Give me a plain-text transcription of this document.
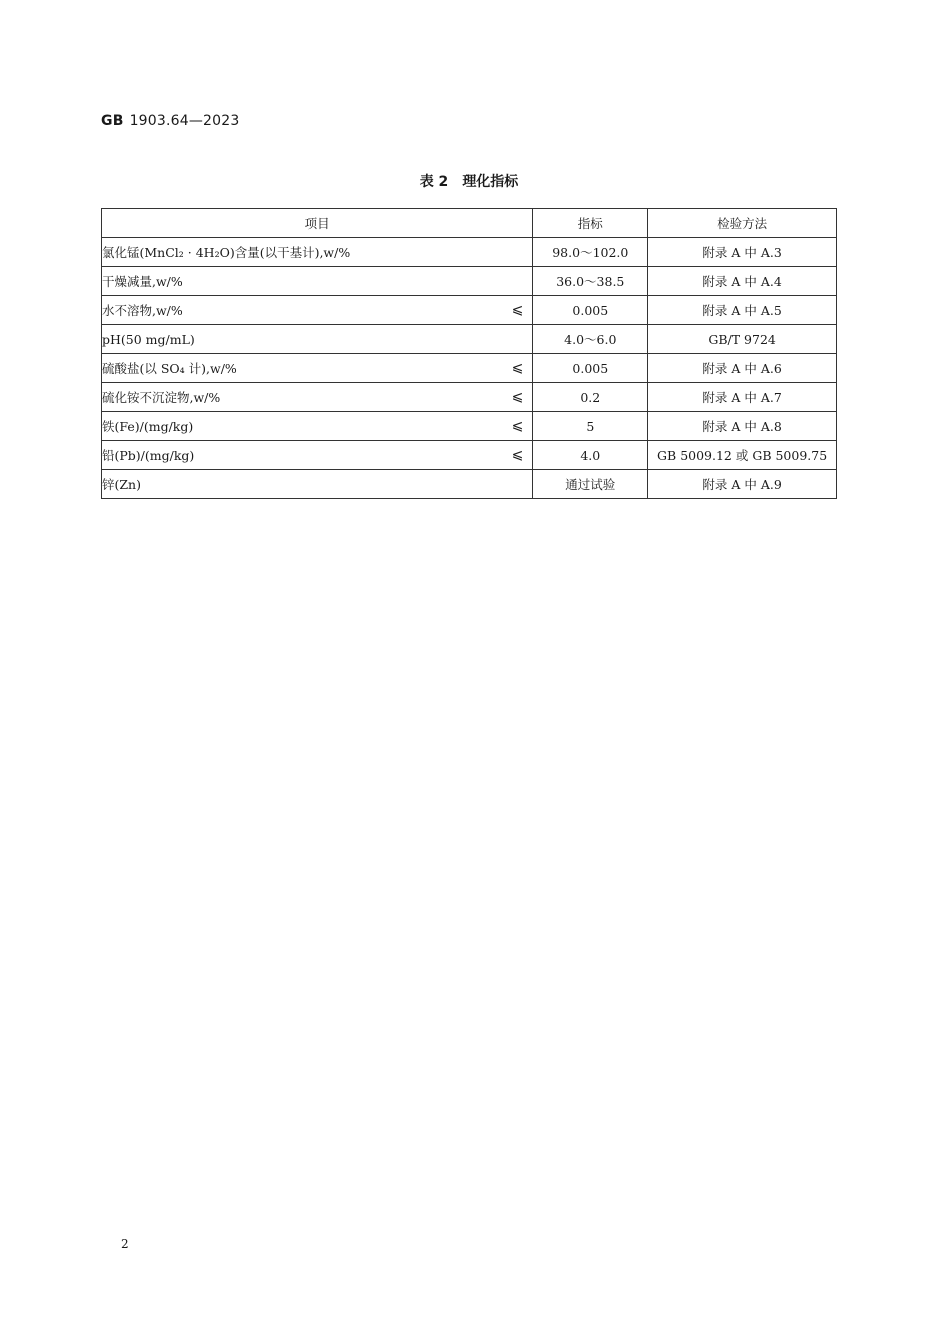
GB 1903.64—2023
表 2 理化指标
项目	指标	检验方法
氯化锰(MnCl₂ · 4H₂O)含量(以干基计),w/%	98.0～102.0	附录 A 中 A.3
干燥减量,w/%	36.0～38.5	附录 A 中 A.4
水不溶物,w/% ⩽	0.005	附录 A 中 A.5
pH(50 mg/mL)	4.0～6.0	GB/T 9724
硫酸盐(以 SO₄ 计),w/% ⩽	0.005	附录 A 中 A.6
硫化铵不沉淀物,w/% ⩽	0.2	附录 A 中 A.7
铁(Fe)/(mg/kg) ⩽	5	附录 A 中 A.8
铅(Pb)/(mg/kg) ⩽	4.0	GB 5009.12 或 GB 5009.75
锌(Zn)	通过试验	附录 A 中 A.9
2
